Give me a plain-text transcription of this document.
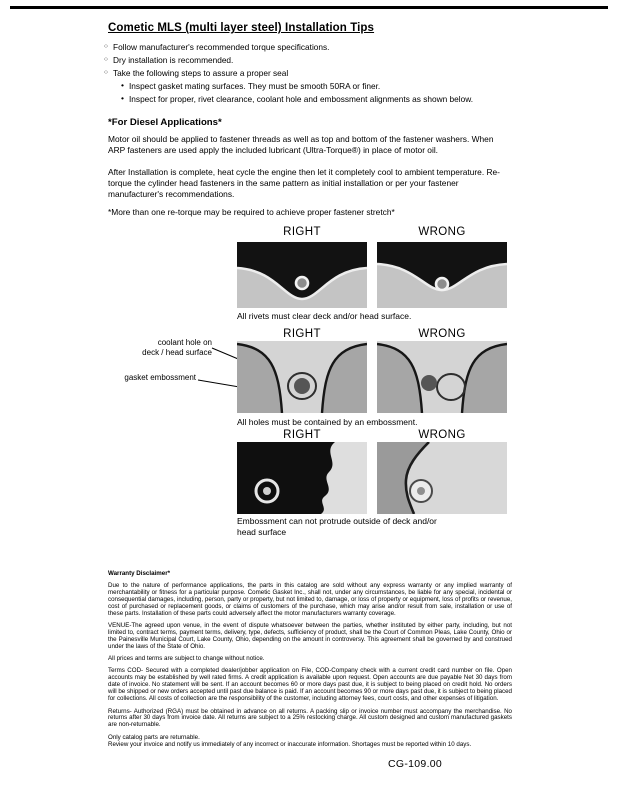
Cometic MLS (multi layer steel) Installation Tips
○ Follow manufacturer's recommended torque specifications.
○ Dry installation is recommended.
○ Take the following steps to assure a proper seal
• Inspect gasket mating surfaces. They must be smooth 50RA or finer.
• Inspect for proper, rivet clearance, coolant hole and embossment alignments as shown below.
*For Diesel Applications*

Motor oil should be applied to fastener threads as well as top and bottom of the fastener washers. When ARP fasteners are used apply the included lubricant (Ultra-Torque®) in place of motor oil.

After Installation is complete, heat cycle the engine then let it completely cool to ambient temperature. Re-torque the cylinder head fasteners in the same pattern as initial installation or per your fastener manufacturer's recommendations.

*More than one re-torque may be required to achieve proper fastener stretch*

RIGHT	WRONG
All rivets must clear deck and/or head surface.
RIGHT	WRONG
coolant hole on
deck / head surface
gasket embossment
All holes must be contained by an embossment.
RIGHT	WRONG
Embossment can not protrude outside of deck and/or head surface
Warranty Disclaimer*

Due to the nature of performance applications, the parts in this catalog are sold without any express warranty or any implied warranty of merchantability or fitness for a particular purpose. Cometic Gasket Inc., shall not, under any circumstances, be liable for any special, incidental or consequential damages, including, person, party or property, but not limited to, damage, or loss of property or equipment, loss of profits or revenue, cost of purchased or replacement goods, or claims of customers of the purchase, which may arise and/or result from sale, installation or use of these parts. Installation of these parts could adversely affect the motor manufacturers warranty coverage.

VENUE-The agreed upon venue, in the event of dispute whatsoever between the parties, whether instituted by either party, including, but not limited to, contract terms, payment terms, delivery, type, defects, sufficiency of product, shall be the Court of Common Pleas, Lake County, Ohio or the Painesville Municipal Court, Lake County, Ohio, depending on the amount in controversy. This agreement shall be governed by and construed under the laws of the State of Ohio.

All prices and terms are subject to change without notice.

Terms COD- Secured with a completed dealer/jobber application on File, COD-Company check with a current credit card number on file. Open accounts may be established by well rated firms. A credit application is available upon request. Open accounts are due payable Net 30 days from date of invoice. No statement will be sent. If an account becomes 60 or more days past due, it is subject to being placed on credit hold. No orders will be shipped or new orders accepted until past due balance is paid. If an account becomes 90 or more days past due, it is subject to being placed for collections. All costs of collection are the responsibility of the customer, including attorney fees, court costs, and other expenses of litigation.

Returns- Authorized (RGA) must be obtained in advance on all returns. A packing slip or invoice number must accompany the merchandise. No returns after 30 days from invoice date. All returns are subject to a 25% restocking charge. All custom designed and custom manufactured gaskets are non-returnable.

Only catalog parts are returnable.

Review your invoice and notify us immediately of any incorrect or inaccurate information. Shortages must be reported within 10 days.

CG-109.00
